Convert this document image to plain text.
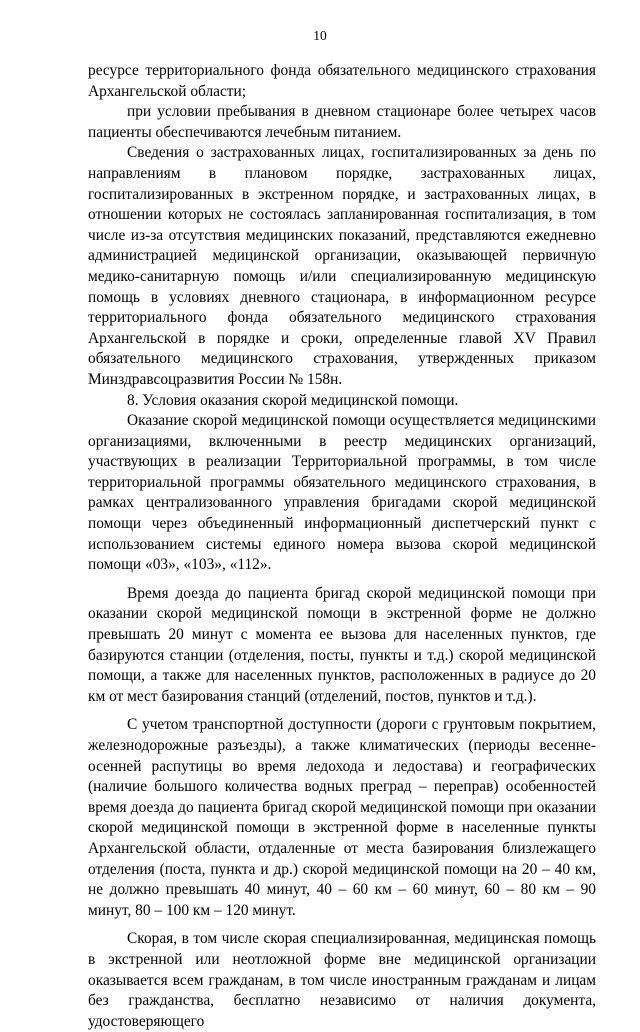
10

ресурсе территориального фонда обязательного медицинского страхования Архангельской области;

при условии пребывания в дневном стационаре более четырех часов пациенты обеспечиваются лечебным питанием.

Сведения о застрахованных лицах, госпитализированных за день по направлениям в плановом порядке, застрахованных лицах, госпитализированных в экстренном порядке, и застрахованных лицах, в отношении которых не состоялась запланированная госпитализация, в том числе из-за отсутствия медицинских показаний, представляются ежедневно администрацией медицинской организации, оказывающей первичную медико-санитарную помощь и/или специализированную медицинскую помощь в условиях дневного стационара, в информационном ресурсе территориального фонда обязательного медицинского страхования Архангельской в порядке и сроки, определенные главой XV Правил обязательного медицинского страхования, утвержденных приказом Минздравсоцразвития России № 158н.

8. Условия оказания скорой медицинской помощи.

Оказание скорой медицинской помощи осуществляется медицинскими организациями, включенными в реестр медицинских организаций, участвующих в реализации Территориальной программы, в том числе территориальной программы обязательного медицинского страхования, в рамках централизованного управления бригадами скорой медицинской помощи через объединенный информационный диспетчерский пункт с использованием системы единого номера вызова скорой медицинской помощи «03», «103», «112».

Время доезда до пациента бригад скорой медицинской помощи при оказании скорой медицинской помощи в экстренной форме не должно превышать 20 минут с момента ее вызова для населенных пунктов, где базируются станции (отделения, посты, пункты и т.д.) скорой медицинской помощи, а также для населенных пунктов, расположенных в радиусе до 20 км от мест базирования станций (отделений, постов, пунктов и т.д.).

С учетом транспортной доступности (дороги с грунтовым покрытием, железнодорожные разъезды), а также климатических (периоды весенне-осенней распутицы во время ледохода и ледостава) и географических (наличие большого количества водных преград – переправ) особенностей время доезда до пациента бригад скорой медицинской помощи при оказании скорой медицинской помощи в экстренной форме в населенные пункты Архангельской области, отдаленные от места базирования близлежащего отделения (поста, пункта и др.) скорой медицинской помощи на 20 – 40 км, не должно превышать 40 минут, 40 – 60 км – 60 минут, 60 – 80 км – 90 минут, 80 – 100 км – 120 минут.

Скорая, в том числе скорая специализированная, медицинская помощь в экстренной или неотложной форме вне медицинской организации оказывается всем гражданам, в том числе иностранным гражданам и лицам без гражданства, бесплатно независимо от наличия документа, удостоверяющего
